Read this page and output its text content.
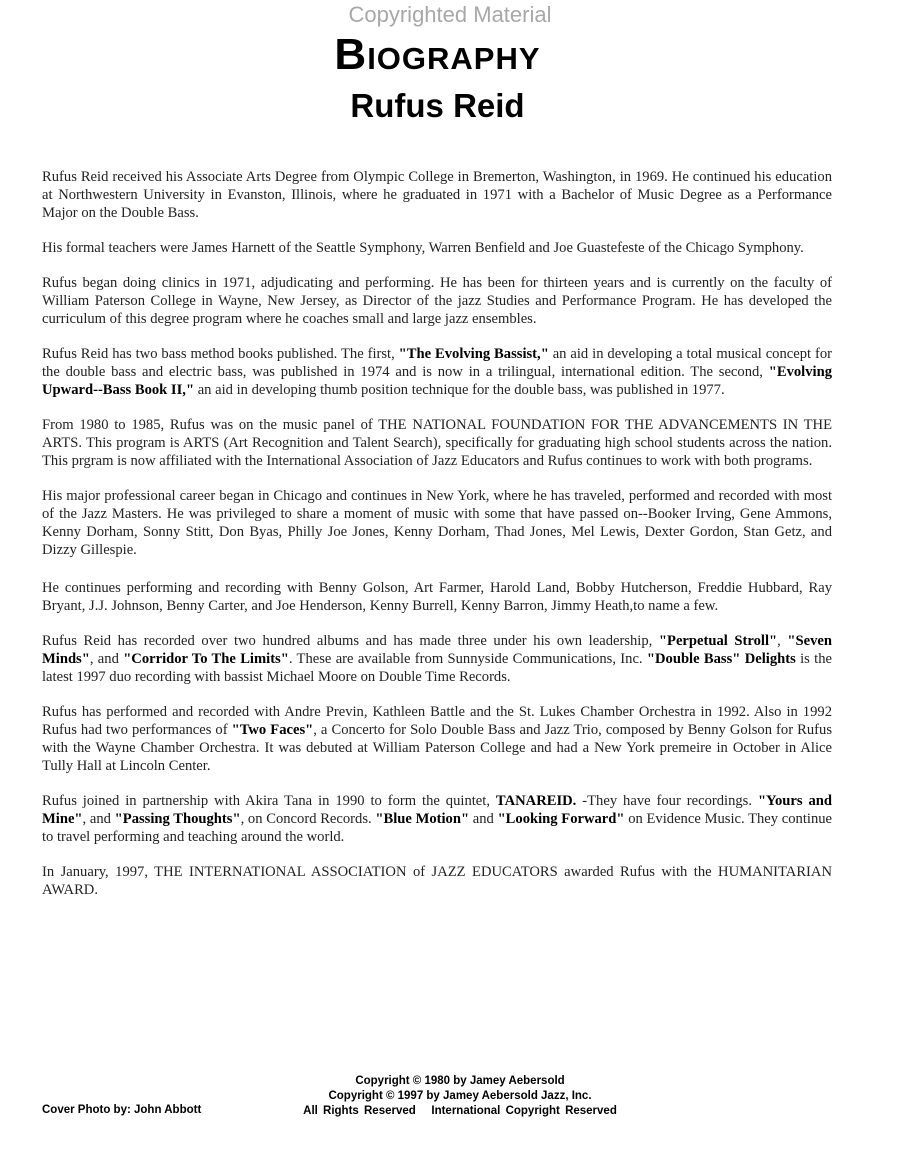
Copyrighted Material
Biography
Rufus Reid

Rufus Reid received his Associate Arts Degree from Olympic College in Bremerton, Washington, in 1969. He continued his education at Northwestern University in Evanston, Illinois, where he graduated in 1971 with a Bachelor of Music Degree as a Performance Major on the Double Bass.

His formal teachers were James Harnett of the Seattle Symphony, Warren Benfield and Joe Guastefeste of the Chicago Symphony.

Rufus began doing clinics in 1971, adjudicating and performing. He has been for thirteen years and is currently on the faculty of William Paterson College in Wayne, New Jersey, as Director of the jazz Studies and Performance Program. He has developed the curriculum of this degree program where he coaches small and large jazz ensembles.

Rufus Reid has two bass method books published. The first, "The Evolving Bassist," an aid in developing a total musical concept for the double bass and electric bass, was published in 1974 and is now in a trilingual, international edition. The second, "Evolving Upward--Bass Book II," an aid in developing thumb position technique for the double bass, was published in 1977.

From 1980 to 1985, Rufus was on the music panel of THE NATIONAL FOUNDATION FOR THE ADVANCEMENTS IN THE ARTS. This program is ARTS (Art Recognition and Talent Search), specifically for graduating high school students across the nation. This prgram is now affiliated with the International Association of Jazz Educators and Rufus continues to work with both programs.

His major professional career began in Chicago and continues in New York, where he has traveled, performed and recorded with most of the Jazz Masters. He was privileged to share a moment of music with some that have passed on--Booker Irving, Gene Ammons, Kenny Dorham, Sonny Stitt, Don Byas, Philly Joe Jones, Kenny Dorham, Thad Jones, Mel Lewis, Dexter Gordon, Stan Getz, and Dizzy Gillespie.

He continues performing and recording with Benny Golson, Art Farmer, Harold Land, Bobby Hutcherson, Freddie Hubbard, Ray Bryant, J.J. Johnson, Benny Carter, and Joe Henderson, Kenny Burrell, Kenny Barron, Jimmy Heath,to name a few.

Rufus Reid has recorded over two hundred albums and has made three under his own leadership, "Perpetual Stroll", "Seven Minds", and "Corridor To The Limits". These are available from Sunnyside Communications, Inc. "Double Bass" Delights is the latest 1997 duo recording with bassist Michael Moore on Double Time Records.

Rufus has performed and recorded with Andre Previn, Kathleen Battle and the St. Lukes Chamber Orchestra in 1992. Also in 1992 Rufus had two performances of "Two Faces", a Concerto for Solo Double Bass and Jazz Trio, composed by Benny Golson for Rufus with the Wayne Chamber Orchestra. It was debuted at William Paterson College and had a New York premeire in October in Alice Tully Hall at Lincoln Center.

Rufus joined in partnership with Akira Tana in 1990 to form the quintet, TANAREID. -They have four recordings. "Yours and Mine", and "Passing Thoughts", on Concord Records. "Blue Motion" and "Looking Forward" on Evidence Music. They continue to travel performing and teaching around the world.

In January, 1997, THE INTERNATIONAL ASSOCIATION of JAZZ EDUCATORS awarded Rufus with the HUMANITARIAN AWARD.

Copyright © 1980 by Jamey Aebersold
Copyright © 1997 by Jamey Aebersold Jazz, Inc.
All Rights Reserved   International Copyright Reserved
Cover Photo by: John Abbott
